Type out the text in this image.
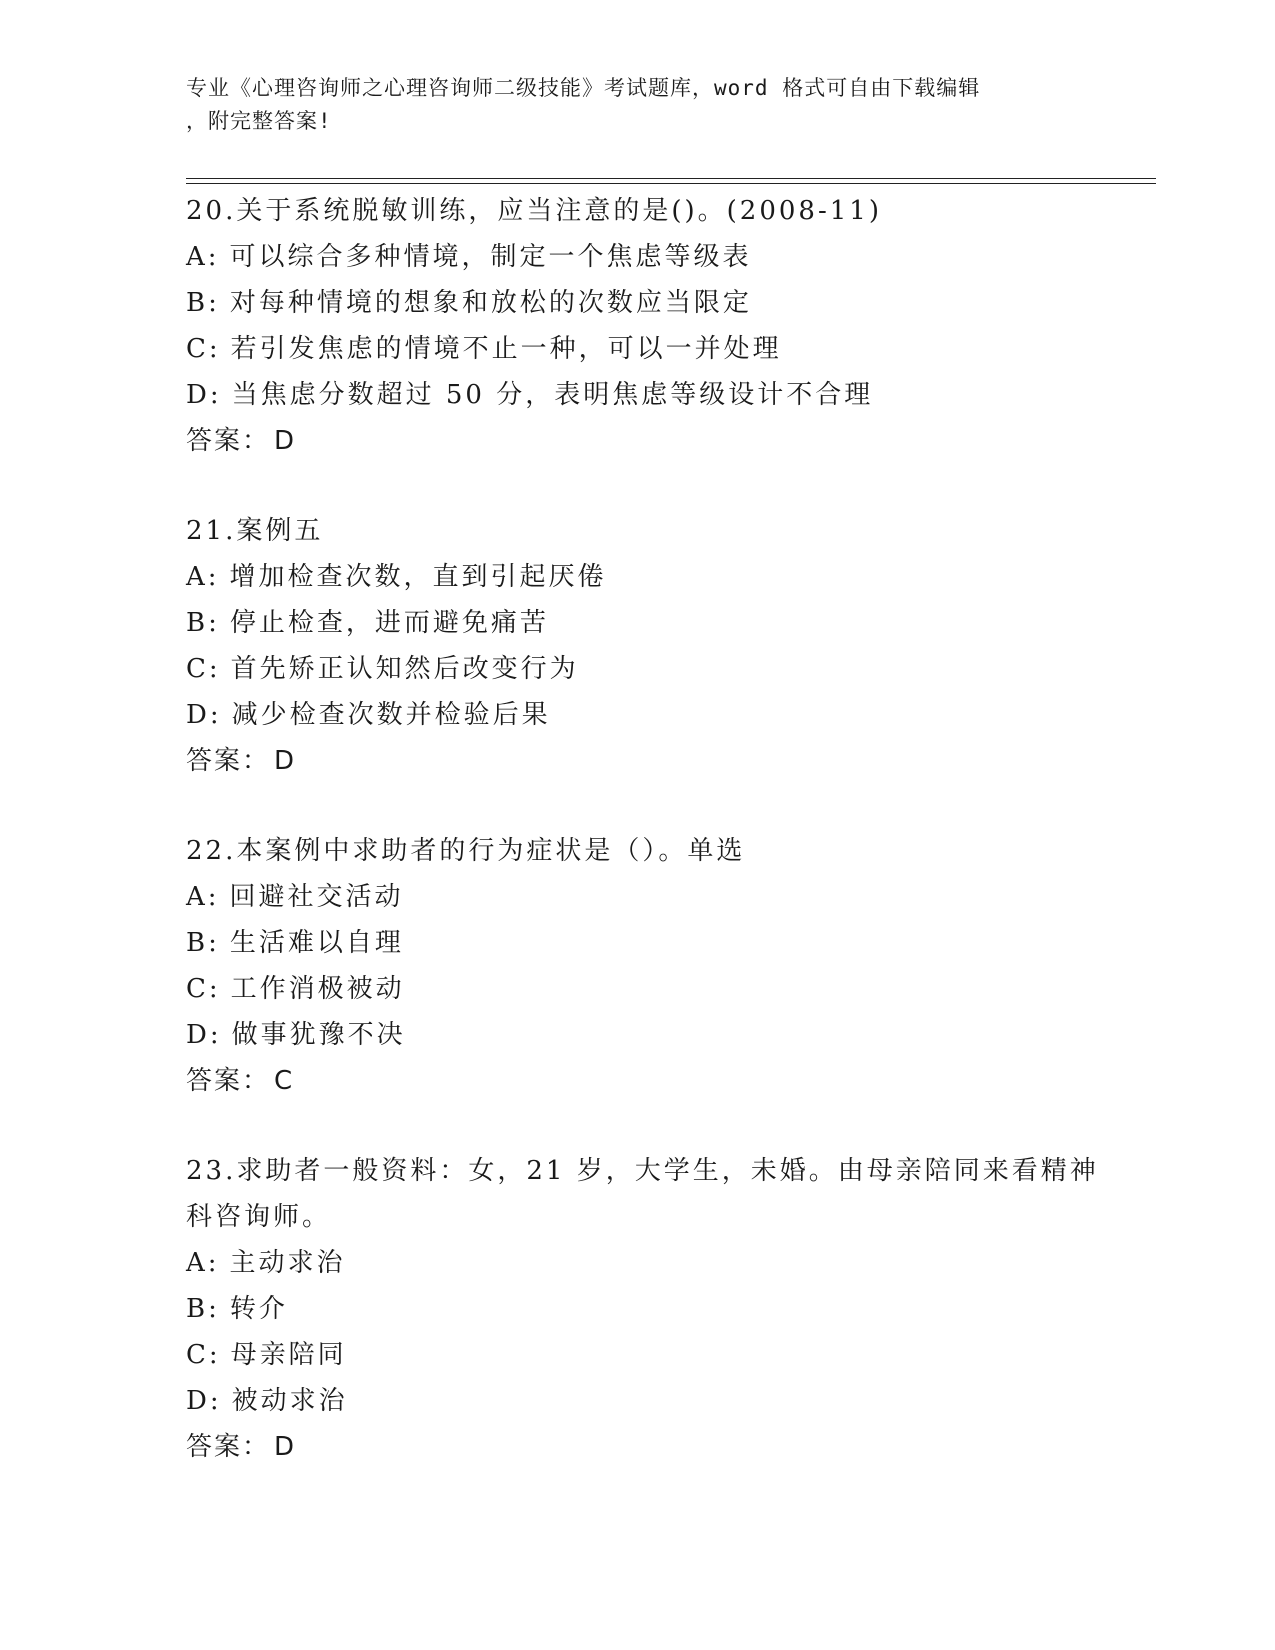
专业《心理咨询师之心理咨询师二级技能》考试题库，word 格式可自由下载编辑
，附完整答案!
20.关于系统脱敏训练，应当注意的是()。(2008-11)
A: 可以综合多种情境，制定一个焦虑等级表
B: 对每种情境的想象和放松的次数应当限定
C: 若引发焦虑的情境不止一种，可以一并处理
D: 当焦虑分数超过 50 分，表明焦虑等级设计不合理
答案： D
21.案例五
A: 增加检查次数，直到引起厌倦
B: 停止检查，进而避免痛苦
C: 首先矫正认知然后改变行为
D: 减少检查次数并检验后果
答案： D
22.本案例中求助者的行为症状是（）。单选
A: 回避社交活动
B: 生活难以自理
C: 工作消极被动
D: 做事犹豫不决
答案： C
23.求助者一般资料：女，21 岁，大学生，未婚。由母亲陪同来看精神
科咨询师。
A: 主动求治
B: 转介
C: 母亲陪同
D: 被动求治
答案： D
